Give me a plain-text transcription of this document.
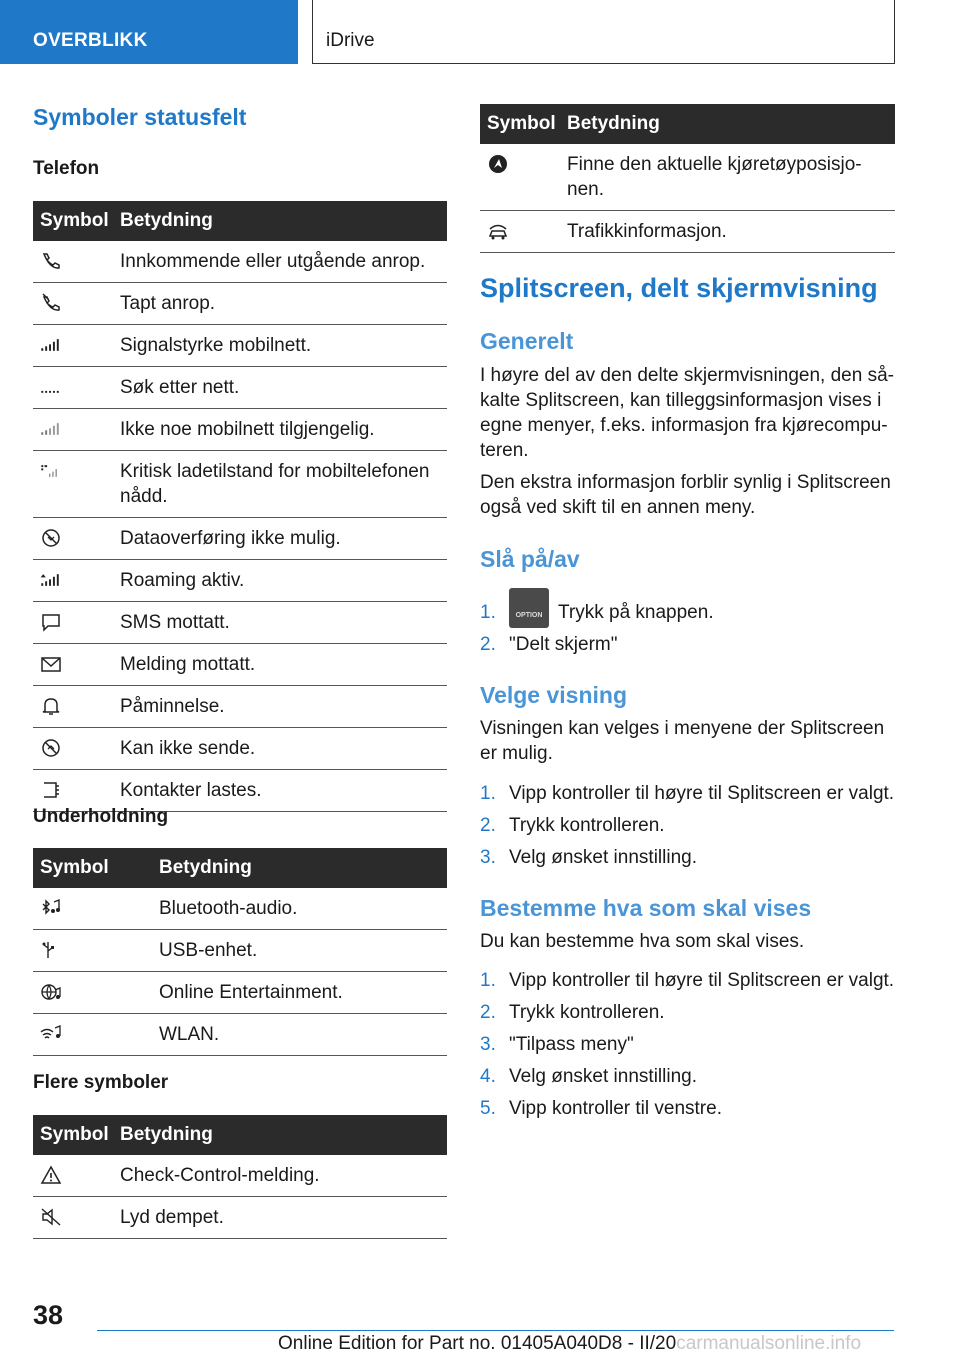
OVERBLIKK	iDrive
Symboler statusfelt
Telefon
Symbol	Betydning

	Innkommende eller utgående anrop.

	Tapt anrop.

	Signalstyrke mobilnett.

	Søk etter nett.

	Ikke noe mobilnett tilgjengelig.

	Kritisk ladetilstand for mobiltelefonen nådd.

	Dataoverføring ikke mulig.

	Roaming aktiv.

	SMS mottatt.

	Melding mottatt.

	Påminnelse.

	Kan ikke sende.

	Kontakter lastes.
Underholdning
Symbol	Betydning

	Bluetooth-audio.

	USB-enhet.

	Online Entertainment.

	WLAN.
Flere symboler
Symbol	Betydning

	Check-Control-melding.

	Lyd dempet.
Symbol	Betydning

	Finne den aktuelle kjøretøyposisjo-nen.

	Trafikkinformasjon.
Splitscreen, delt skjermvisning
Generelt
I høyre del av den delte skjermvisningen, den så-kalte Splitscreen, kan tilleggsinformasjon vises i egne menyer, f.eks. informasjon fra kjørecompu-teren.
Den ekstra informasjon forblir synlig i Splitscreen også ved skift til en annen meny.
Slå på/av
1.	OPTION Trykk på knappen.
2. "Delt skjerm"
Velge visning
Visningen kan velges i menyene der Splitscreen er mulig.
1. Vipp kontroller til høyre til Splitscreen er valgt.
2. Trykk kontrolleren.
3. Velg ønsket innstilling.
Bestemme hva som skal vises
Du kan bestemme hva som skal vises.
1. Vipp kontroller til høyre til Splitscreen er valgt.
2. Trykk kontrolleren.
3. "Tilpass meny"
4. Velg ønsket innstilling.
5. Vipp kontroller til venstre.
38
Online Edition for Part no. 01405A040D8 - II/20carmanualsonline.info
